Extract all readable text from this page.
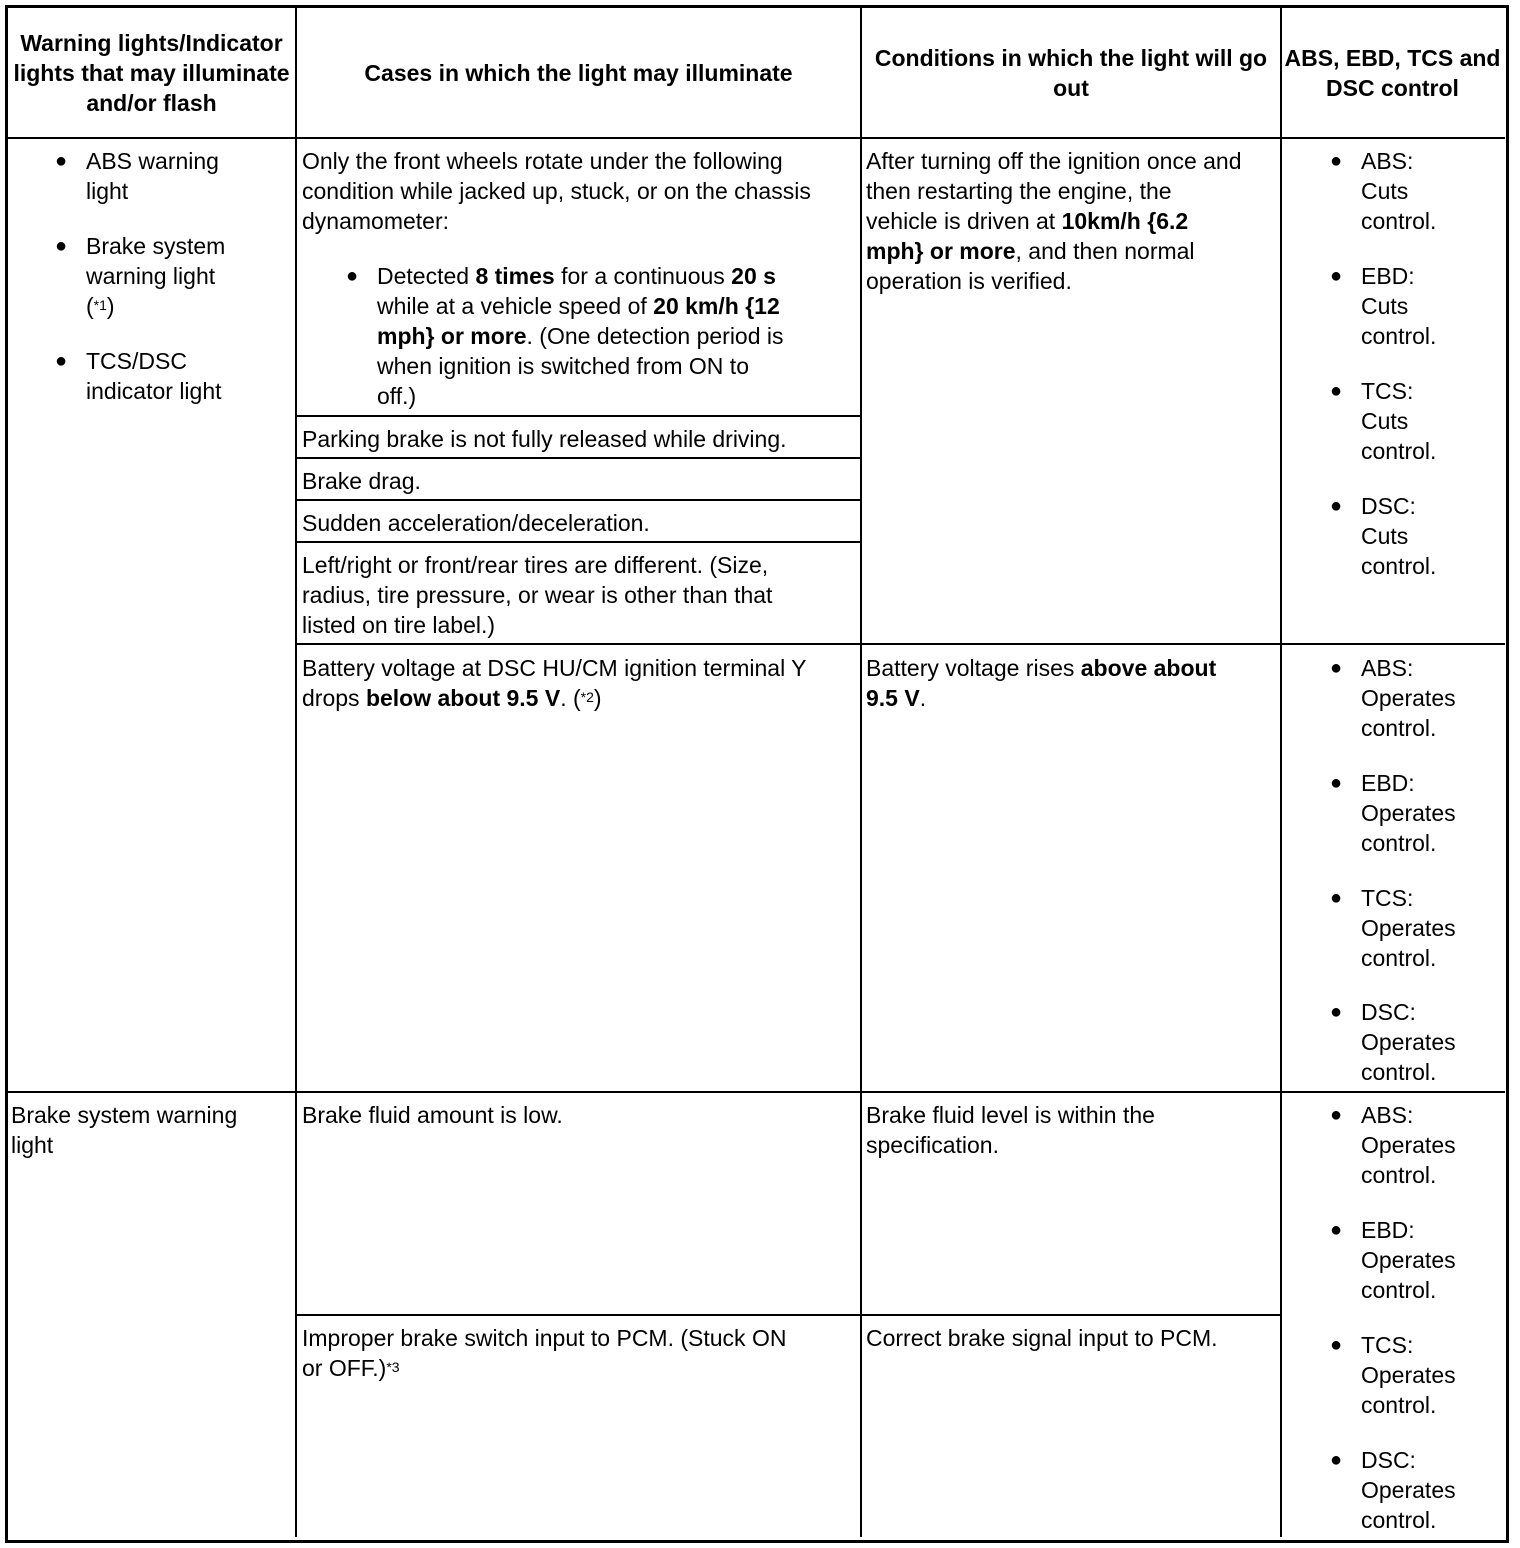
Warning lights/Indicator lights that may illuminate and/or flash
Cases in which the light may illuminate
Conditions in which the light will go out
ABS, EBD, TCS and DSC control
● ABS warning
light
● Brake system
warning light
($^{*1}$)
● TCS/DSC
indicator light
Only the front wheels rotate under the following
condition while jacked up, stuck, or on the chassis
dynamometer:
● Detected 8 times for a continuous 20 s
while at a vehicle speed of 20 km/h {12
mph} or more. (One detection period is
when ignition is switched from ON to
off.)
Parking brake is not fully released while driving.
Brake drag.
Sudden acceleration/deceleration.
Left/right or front/rear tires are different. (Size,
radius, tire pressure, or wear is other than that
listed on tire label.)
After turning off the ignition once and
then restarting the engine, the
vehicle is driven at 10km/h {6.2
mph} or more, and then normal
operation is verified.
● ABS:
Cuts
control.
● EBD:
Cuts
control.
● TCS:
Cuts
control.
● DSC:
Cuts
control.
Battery voltage at DSC HU/CM ignition terminal Y
drops below about 9.5 V. ($^{*2}$)
Battery voltage rises above about
9.5 V.
● ABS:
Operates
control.
● EBD:
Operates
control.
● TCS:
Operates
control.
● DSC:
Operates
control.
Brake system warning
light
Brake fluid amount is low.	Brake fluid level is within the
specification.
Improper brake switch input to PCM. (Stuck ON
or OFF.)$^{*3}$
Correct brake signal input to PCM.
● ABS:
Operates
control.
● EBD:
Operates
control.
● TCS:
Operates
control.
● DSC:
Operates
control.
